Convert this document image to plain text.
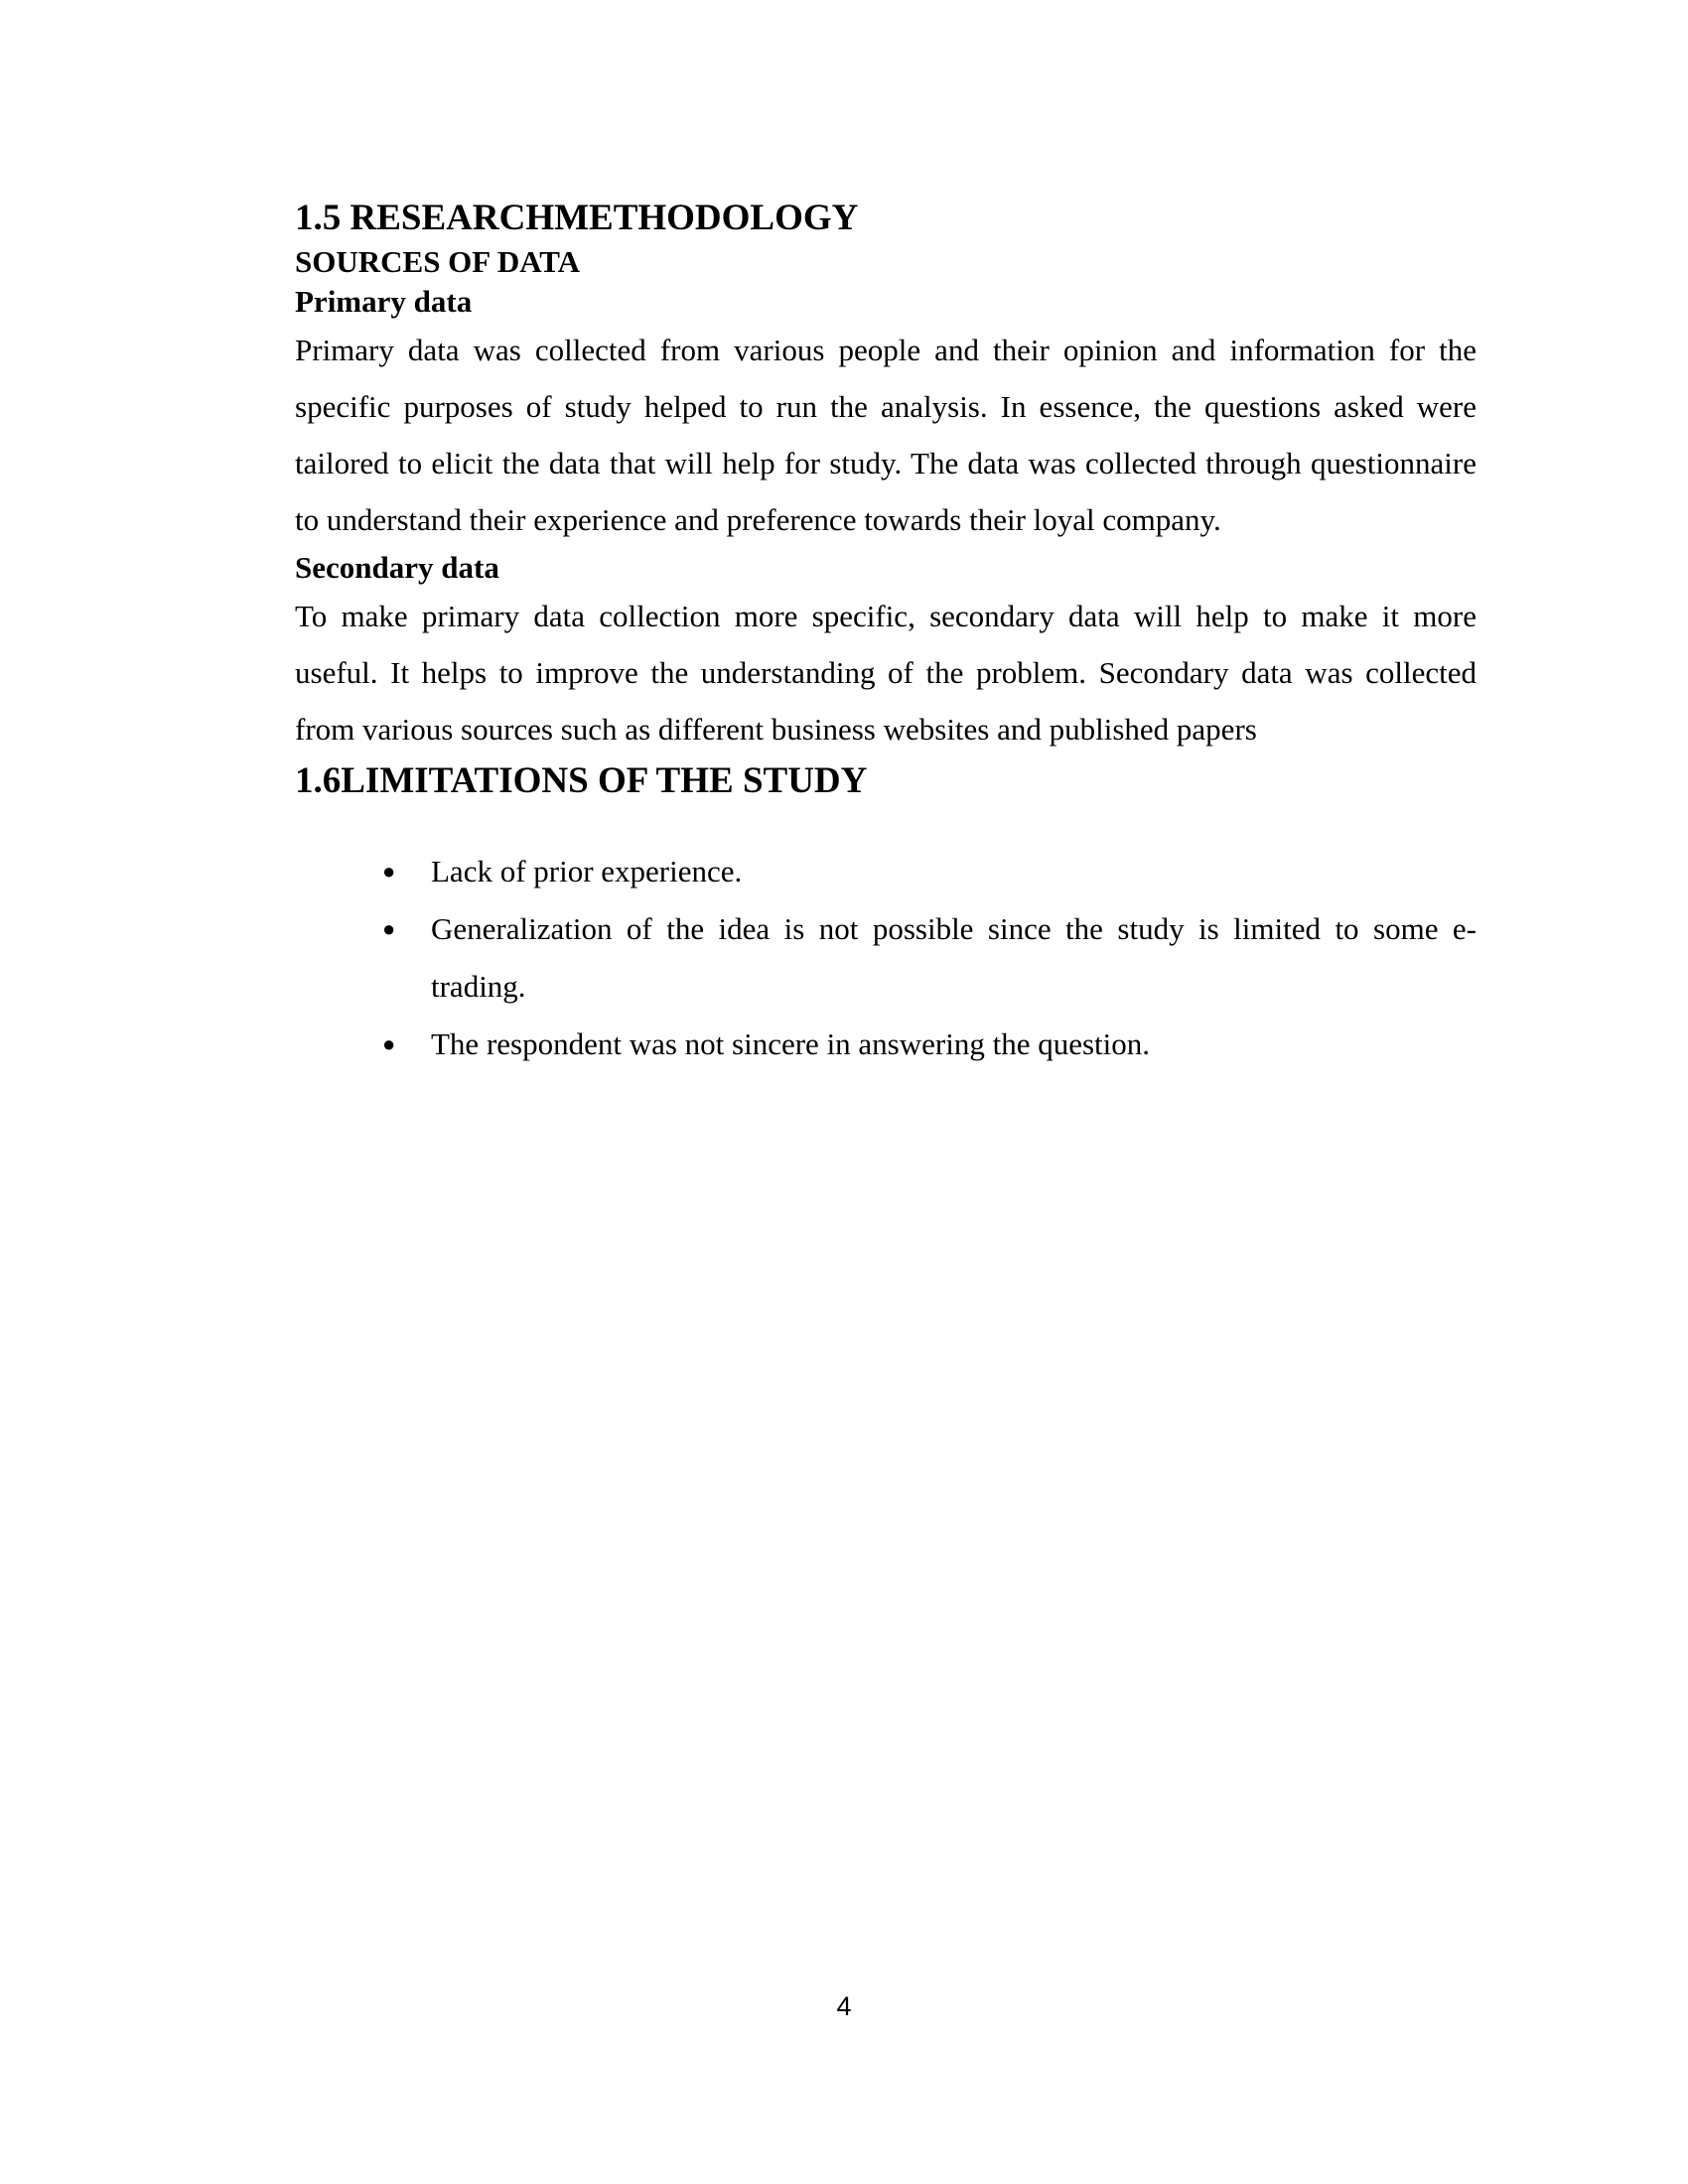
1.5 RESEARCHMETHODOLOGY
SOURCES OF DATA
Primary data

Primary data was collected from various people and their opinion and information for the specific purposes of study helped to run the analysis. In essence, the questions asked were tailored to elicit the data that will help for study. The data was collected through questionnaire to understand their experience and preference towards their loyal company.

Secondary data

To make primary data collection more specific, secondary data will help to make it more useful. It helps to improve the understanding of the problem. Secondary data was collected from various sources such as different business websites and published papers

1.6LIMITATIONS OF THE STUDY
● Lack of prior experience.
● Generalization of the idea is not possible since the study is limited to some e-trading.
● The respondent was not sincere in answering the question.
4
